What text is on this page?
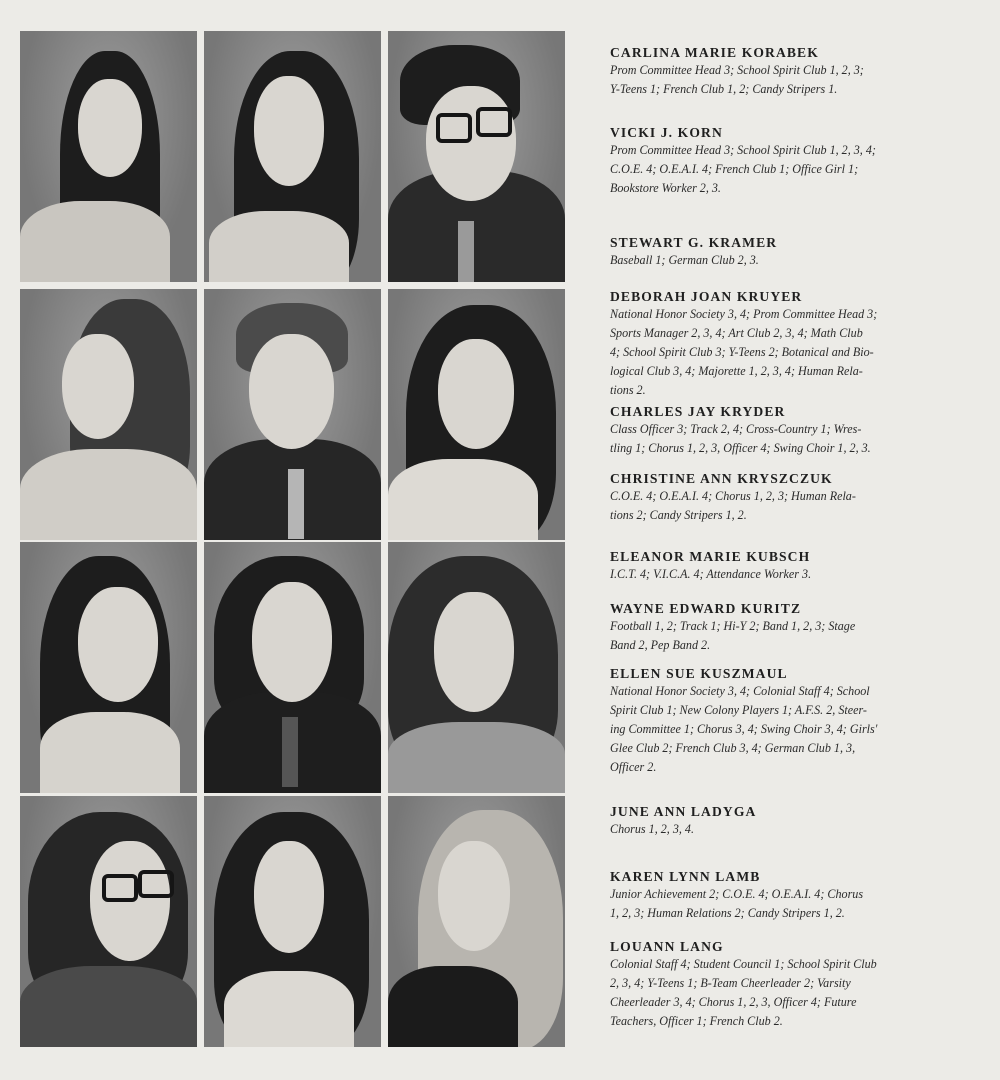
CARLINA MARIE KORABEK
Prom Committee Head 3; School Spirit Club 1, 2, 3;
Y-Teens 1; French Club 1, 2; Candy Stripers 1.
VICKI J. KORN
Prom Committee Head 3; School Spirit Club 1, 2, 3, 4;
C.O.E. 4; O.E.A.I. 4; French Club 1; Office Girl 1;
Bookstore Worker 2, 3.
STEWART G. KRAMER
Baseball 1; German Club 2, 3.
DEBORAH JOAN KRUYER
National Honor Society 3, 4; Prom Committee Head 3;
Sports Manager 2, 3, 4; Art Club 2, 3, 4; Math Club
4; School Spirit Club 3; Y-Teens 2; Botanical and Bio-
logical Club 3, 4; Majorette 1, 2, 3, 4; Human Rela-
tions 2.
CHARLES JAY KRYDER
Class Officer 3; Track 2, 4; Cross-Country 1; Wres-
tling 1; Chorus 1, 2, 3, Officer 4; Swing Choir 1, 2, 3.
CHRISTINE ANN KRYSZCZUK
C.O.E. 4; O.E.A.I. 4; Chorus 1, 2, 3; Human Rela-
tions 2; Candy Stripers 1, 2.
ELEANOR MARIE KUBSCH
I.C.T. 4; V.I.C.A. 4; Attendance Worker 3.
WAYNE EDWARD KURITZ
Football 1, 2; Track 1; Hi-Y 2; Band 1, 2, 3; Stage
Band 2, Pep Band 2.
ELLEN SUE KUSZMAUL
National Honor Society 3, 4; Colonial Staff 4; School
Spirit Club 1; New Colony Players 1; A.F.S. 2, Steer-
ing Committee 1; Chorus 3, 4; Swing Choir 3, 4; Girls'
Glee Club 2; French Club 3, 4; German Club 1, 3,
Officer 2.
JUNE ANN LADYGA
Chorus 1, 2, 3, 4.
KAREN LYNN LAMB
Junior Achievement 2; C.O.E. 4; O.E.A.I. 4; Chorus
1, 2, 3; Human Relations 2; Candy Stripers 1, 2.
LOUANN LANG
Colonial Staff 4; Student Council 1; School Spirit Club
2, 3, 4; Y-Teens 1; B-Team Cheerleader 2; Varsity
Cheerleader 3, 4; Chorus 1, 2, 3, Officer 4; Future
Teachers, Officer 1; French Club 2.
